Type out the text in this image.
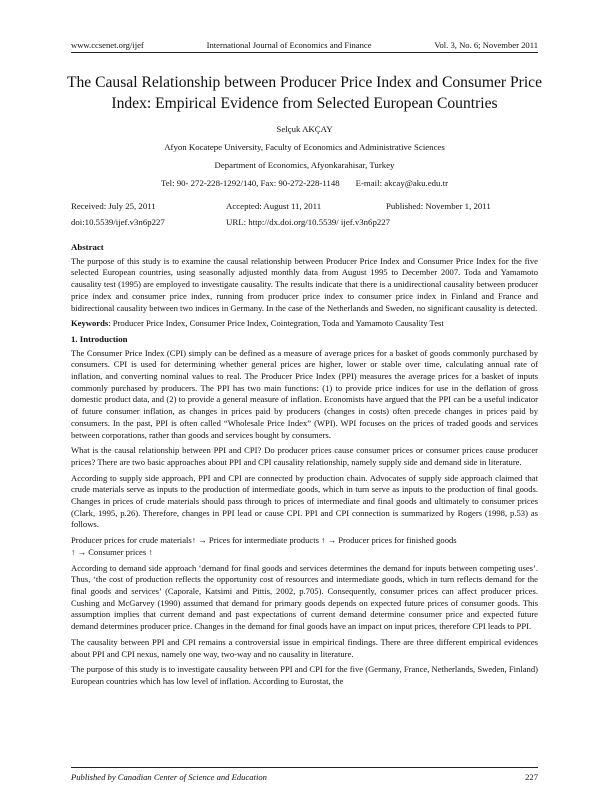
www.ccsenet.org/ijef	International Journal of Economics and Finance	Vol. 3, No. 6; November 2011
The Causal Relationship between Producer Price Index and Consumer Price Index: Empirical Evidence from Selected European Countries
Selçuk AKÇAY
Afyon Kocatepe University, Faculty of Economics and Administrative Sciences
Department of Economics, Afyonkarahisar, Turkey
Tel: 90- 272-228-1292/140, Fax: 90-272-228-1148 E-mail: akcay@aku.edu.tr
Received: July 25, 2011	Accepted: August 11, 2011	Published: November 1, 2011
doi:10.5539/ijef.v3n6p227	URL: http://dx.doi.org/10.5539/ ijef.v3n6p227
Abstract

The purpose of this study is to examine the causal relationship between Producer Price Index and Consumer Price Index for the five selected European countries, using seasonally adjusted monthly data from August 1995 to December 2007. Toda and Yamamoto causality test (1995) are employed to investigate causality. The results indicate that there is a unidirectional causality between producer price index and consumer price index, running from producer price index to consumer price index in Finland and France and bidirectional causality between two indices in Germany. In the case of the Netherlands and Sweden, no significant causality is detected.

Keywords: Producer Price Index, Consumer Price Index, Cointegration, Toda and Yamamoto Causality Test

1. Introduction

The Consumer Price Index (CPI) simply can be defined as a measure of average prices for a basket of goods commonly purchased by consumers. CPI is used for determining whether general prices are higher, lower or stable over time, calculating annual rate of inflation, and converting nominal values to real. The Producer Price Index (PPI) measures the average prices for a basket of inputs commonly purchased by producers. The PPI has two main functions: (1) to provide price indices for use in the deflation of gross domestic product data, and (2) to provide a general measure of inflation. Economists have argued that the PPI can be a useful indicator of future consumer inflation, as changes in prices paid by producers (changes in costs) often precede changes in prices paid by consumers. In the past, PPI is often called “Wholesale Price Index” (WPI). WPI focuses on the prices of traded goods and services between corporations, rather than goods and services bought by consumers.

What is the causal relationship between PPI and CPI? Do producer prices cause consumer prices or consumer prices cause producer prices? There are two basic approaches about PPI and CPI causality relationship, namely supply side and demand side in literature.

According to supply side approach, PPI and CPI are connected by production chain. Advocates of supply side approach claimed that crude materials serve as inputs to the production of intermediate goods, which in turn serve as inputs to the production of final goods. Changes in prices of crude materials should pass through to prices of intermediate and final goods and ultimately to consumer prices (Clark, 1995, p.26). Therefore, changes in PPI lead or cause CPI. PPI and CPI connection is summarized by Rogers (1998, p.53) as follows.

Producer prices for crude materials↑ → Prices for intermediate products ↑ → Producer prices for finished goods
↑ → Consumer prices ↑

According to demand side approach ‘demand for final goods and services determines the demand for inputs between competing uses’. Thus, ‘the cost of production reflects the opportunity cost of resources and intermediate goods, which in turn reflects demand for the final goods and services’ (Caporale, Katsimi and Pittis, 2002, p.705). Consequently, consumer prices can affect producer prices. Cushing and McGarvey (1990) assumed that demand for primary goods depends on expected future prices of consumer goods. This assumption implies that current demand and past expectations of current demand determine consumer price and expected future demand determines producer price. Changes in the demand for final goods have an impact on input prices, therefore CPI leads to PPI.

The causality between PPI and CPI remains a controversial issue in empirical findings. There are three different empirical evidences about PPI and CPI nexus, namely one way, two-way and no causality in literature.

The purpose of this study is to investigate causality between PPI and CPI for the five (Germany, France, Netherlands, Sweden, Finland) European countries which has low level of inflation. According to Eurostat, the

Published by Canadian Center of Science and Education	227
